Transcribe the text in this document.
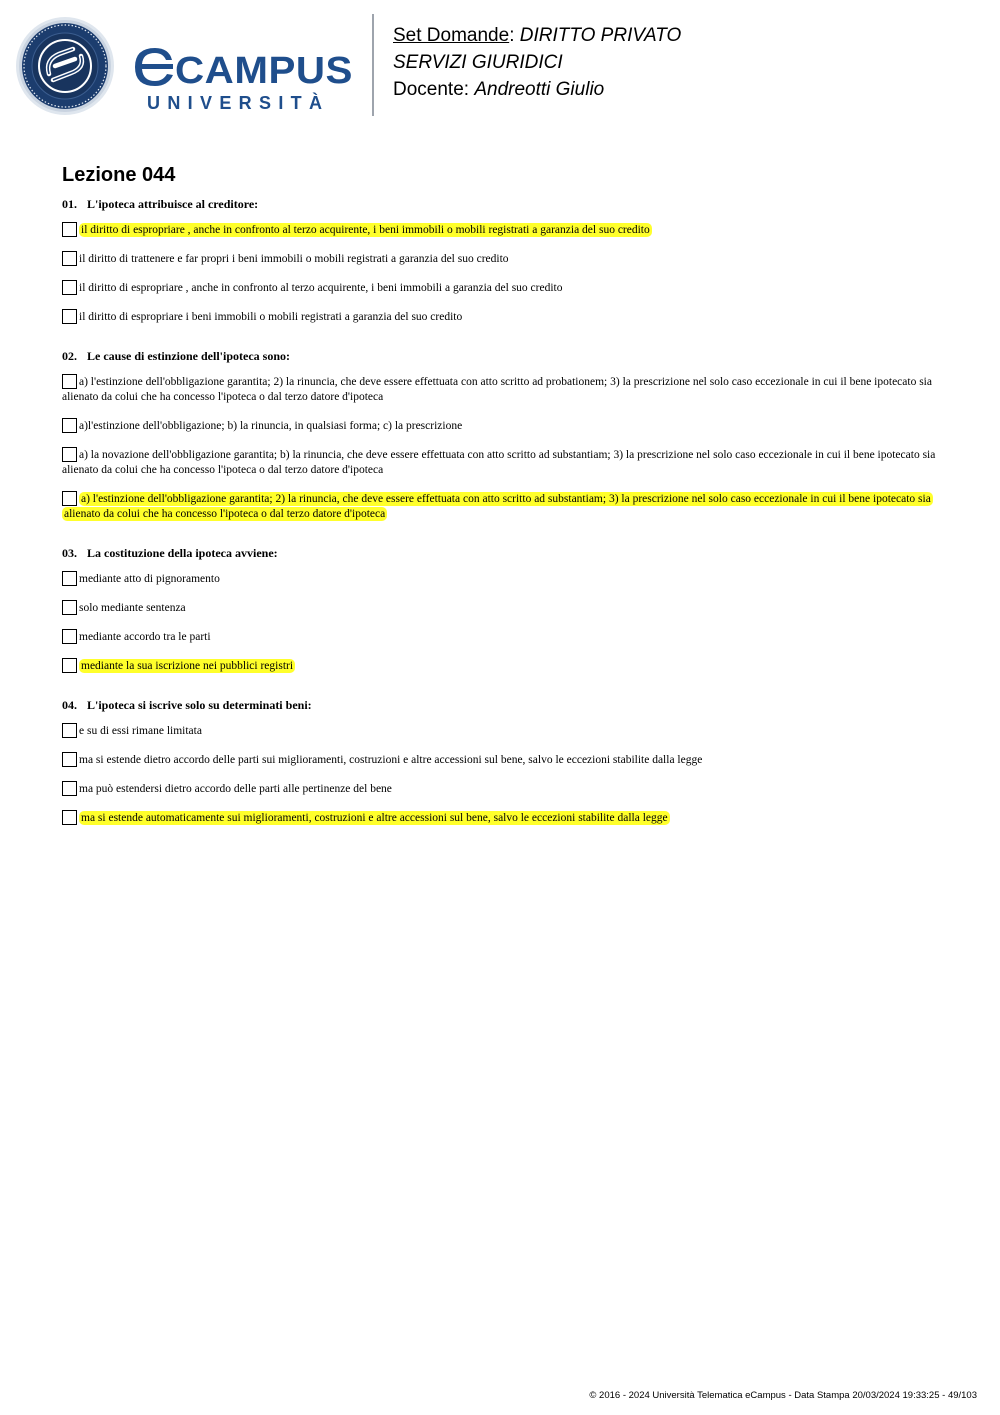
CAMPUS
UNIVERSITÀ
Set Domande: DIRITTO PRIVATO
SERVIZI GIURIDICI
Docente: Andreotti Giulio
Lezione 044
01. L'ipoteca attribuisce al creditore:
il diritto di espropriare , anche in confronto al terzo acquirente, i beni immobili o mobili registrati a garanzia del suo credito
il diritto di trattenere e far propri i beni immobili o mobili registrati a garanzia del suo credito
il diritto di espropriare , anche in confronto al terzo acquirente, i beni immobili a garanzia del suo credito
il diritto di espropriare i beni immobili o mobili registrati a garanzia del suo credito
02. Le cause di estinzione dell'ipoteca sono:
a) l'estinzione dell'obbligazione garantita; 2) la rinuncia, che deve essere effettuata con atto scritto ad probationem; 3) la prescrizione nel solo caso eccezionale in cui il bene ipotecato sia alienato da colui che ha concesso l'ipoteca o dal terzo datore d'ipoteca
a)l'estinzione dell'obbligazione; b) la rinuncia, in qualsiasi forma; c) la prescrizione
a) la novazione dell'obbligazione garantita; b) la rinuncia, che deve essere effettuata con atto scritto ad substantiam; 3) la prescrizione nel solo caso eccezionale in cui il bene ipotecato sia alienato da colui che ha concesso l'ipoteca o dal terzo datore d'ipoteca
a) l'estinzione dell'obbligazione garantita; 2) la rinuncia, che deve essere effettuata con atto scritto ad substantiam; 3) la prescrizione nel solo caso eccezionale in cui il bene ipotecato sia alienato da colui che ha concesso l'ipoteca o dal terzo datore d'ipoteca
03. La costituzione della ipoteca avviene:
mediante atto di pignoramento
solo mediante sentenza
mediante accordo tra le parti
mediante la sua iscrizione nei pubblici registri
04. L'ipoteca si iscrive solo su determinati beni:
e su di essi rimane limitata
ma si estende dietro accordo delle parti sui miglioramenti, costruzioni e altre accessioni sul bene, salvo le eccezioni stabilite dalla legge
ma può estendersi dietro accordo delle parti alle pertinenze del bene
ma si estende automaticamente sui miglioramenti, costruzioni e altre accessioni sul bene, salvo le eccezioni stabilite dalla legge
© 2016 - 2024 Università Telematica eCampus - Data Stampa 20/03/2024 19:33:25 - 49/103
